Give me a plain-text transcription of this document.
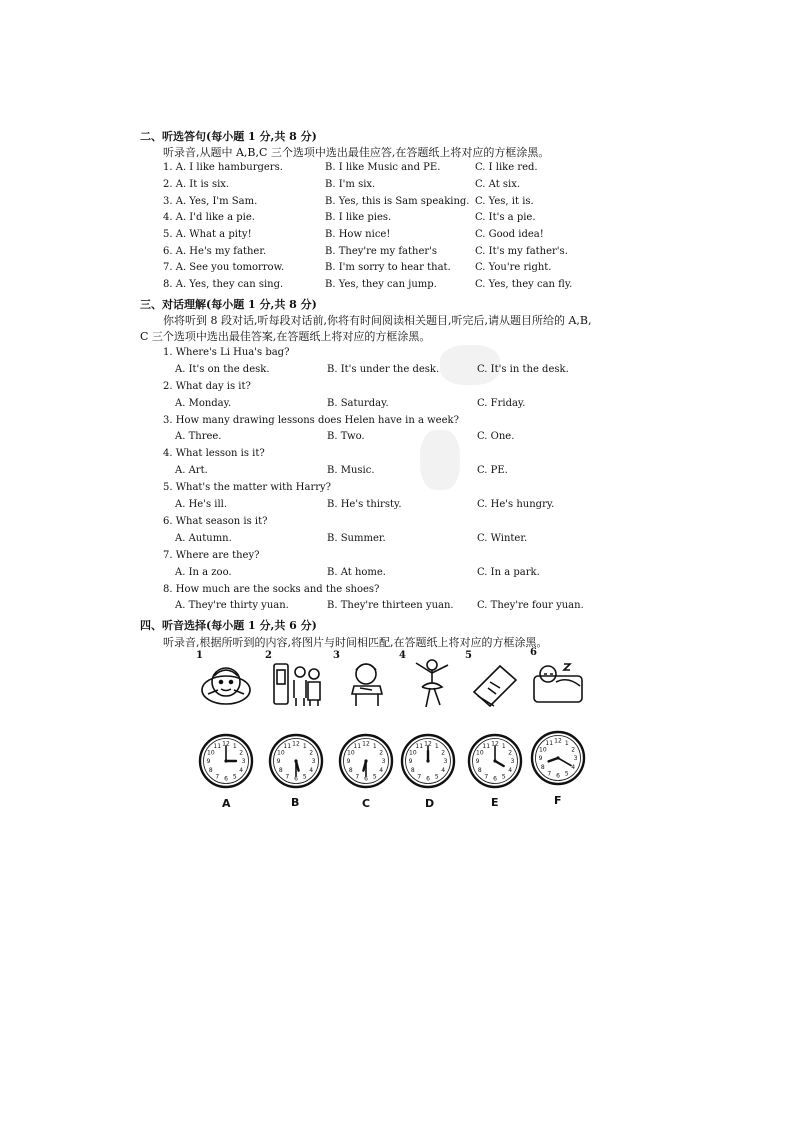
二、听选答句(每小题 1 分,共 8 分)
听录音,从题中 A,B,C 三个选项中选出最佳应答,在答题纸上将对应的方框涂黑。
1. A. I like hamburgers.	B. I like Music and PE.	C. I like red.
2. A. It is six.	B. I'm six.	C. At six.
3. A. Yes, I'm Sam.	B. Yes, this is Sam speaking. C. Yes, it is.
4. A. I'd like a pie.	B. I like pies.	C. It's a pie.
5. A. What a pity!	B. How nice!	C. Good idea!
6. A. He's my father.	B. They're my father's	C. It's my father's.
7. A. See you tomorrow.	B. I'm sorry to hear that. C. You're right.
8. A. Yes, they can sing.	B. Yes, they can jump.	C. Yes, they can fly.
三、对话理解(每小题 1 分,共 8 分)
你将听到 8 段对话,听每段对话前,你将有时间阅读相关题目,听完后,请从题目所给的 A,B,
C 三个选项中选出最佳答案,在答题纸上将对应的方框涂黑。
1. Where's Li Hua's bag?
A. It's on the desk.	B. It's under the desk.	C. It's in the desk.
2. What day is it?
A. Monday.	B. Saturday.	C. Friday.
3. How many drawing lessons does Helen have in a week?
A. Three.	B. Two.	C. One.
4. What lesson is it?
A. Art.	B. Music.	C. PE.
5. What's the matter with Harry?
A. He's ill.	B. He's thirsty.	C. He's hungry.
6. What season is it?
A. Autumn.	B. Summer.	C. Winter.
7. Where are they?
A. In a zoo.	B. At home.	C. In a park.
8. How much are the socks and the shoes?
A. They're thirty yuan.	B. They're thirteen yuan. C. They're four yuan.
四、听音选择(每小题 1 分,共 6 分)
听录音,根据所听到的内容,将图片与时间相匹配,在答题纸上将对应的方框涂黑。
1	2	3	4	5	6
1
2
3
4
5
6
7
8
9
10
11 12	1
2
3
4
5
6
7
8
9
10
11 12	1
2
3
4
5
6
7
8
9
10
11 12	1
2
3
4
5
6
7
8
9
10
11 12	1
2
3
4
5
6
7
8
9
10
11 12	1
2
3
4
5
6
7
8
9
10
11 12
A	B	C	D	E	F
